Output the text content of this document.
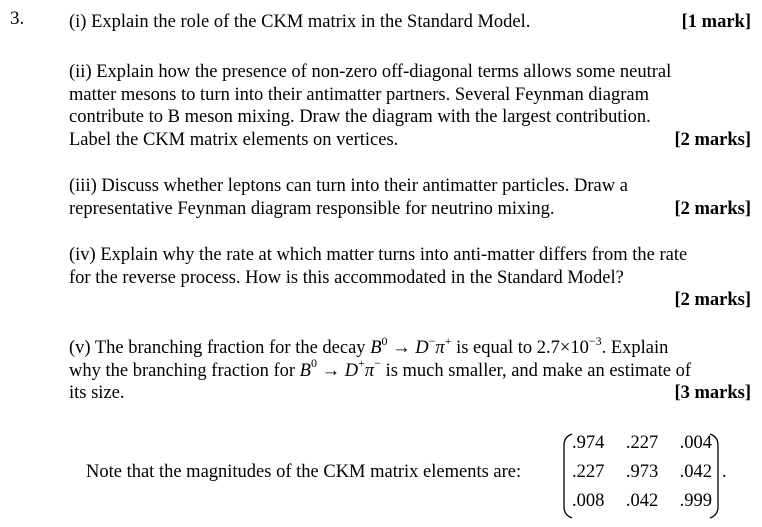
3. (i) Explain the role of the CKM matrix in the Standard Model.	[1 mark]
(ii) Explain how the presence of non-zero off-diagonal terms allows some neutral
matter mesons to turn into their antimatter partners. Several Feynman diagram
contribute to B meson mixing. Draw the diagram with the largest contribution.
Label the CKM matrix elements on vertices.	[2 marks]
(iii) Discuss whether leptons can turn into their antimatter particles. Draw a
representative Feynman diagram responsible for neutrino mixing.	[2 marks]
(iv) Explain why the rate at which matter turns into anti-matter differs from the rate
for the reverse process. How is this accommodated in the Standard Model?
[2 marks]
(v) The branching fraction for the decay $B^0 \to D^-\pi^+$ is equal to $2.7\times 10^{-3}$. Explain
why the branching fraction for $B^0 \to D^+\pi^-$ is much smaller, and make an estimate of
its size.	[3 marks]
Note that the magnitudes of the CKM matrix elements are:
.974 .227 .004
.227 .973 .042
.008 .042 .999
.
